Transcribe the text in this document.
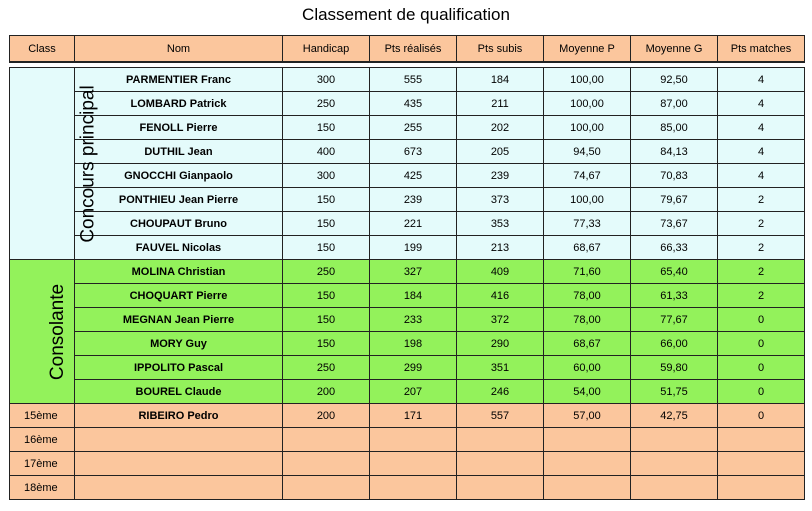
Classement de qualification
Class	Nom	Handicap	Pts réalisés	Pts subis	Moyenne P	Moyenne G	Pts matches

Concours principal	PARMENTIER Franc	300	555	184	100,00	92,50	4
	LOMBARD Patrick	250	435	211	100,00	87,00	4
	FENOLL Pierre	150	255	202	100,00	85,00	4
	DUTHIL Jean	400	673	205	94,50	84,13	4
	GNOCCHI Gianpaolo	300	425	239	74,67	70,83	4
	PONTHIEU Jean Pierre	150	239	373	100,00	79,67	2
	CHOUPAUT Bruno	150	221	353	77,33	73,67	2
	FAUVEL Nicolas	150	199	213	68,67	66,33	2
Consolante	MOLINA Christian	250	327	409	71,60	65,40	2
	CHOQUART Pierre	150	184	416	78,00	61,33	2
	MEGNAN Jean Pierre	150	233	372	78,00	77,67	0
	MORY Guy	150	198	290	68,67	66,00	0
	IPPOLITO Pascal	250	299	351	60,00	59,80	0
	BOUREL Claude	200	207	246	54,00	51,75	0
15ème	RIBEIRO Pedro	200	171	557	57,00	42,75	0
16ème							
17ème							
18ème							
